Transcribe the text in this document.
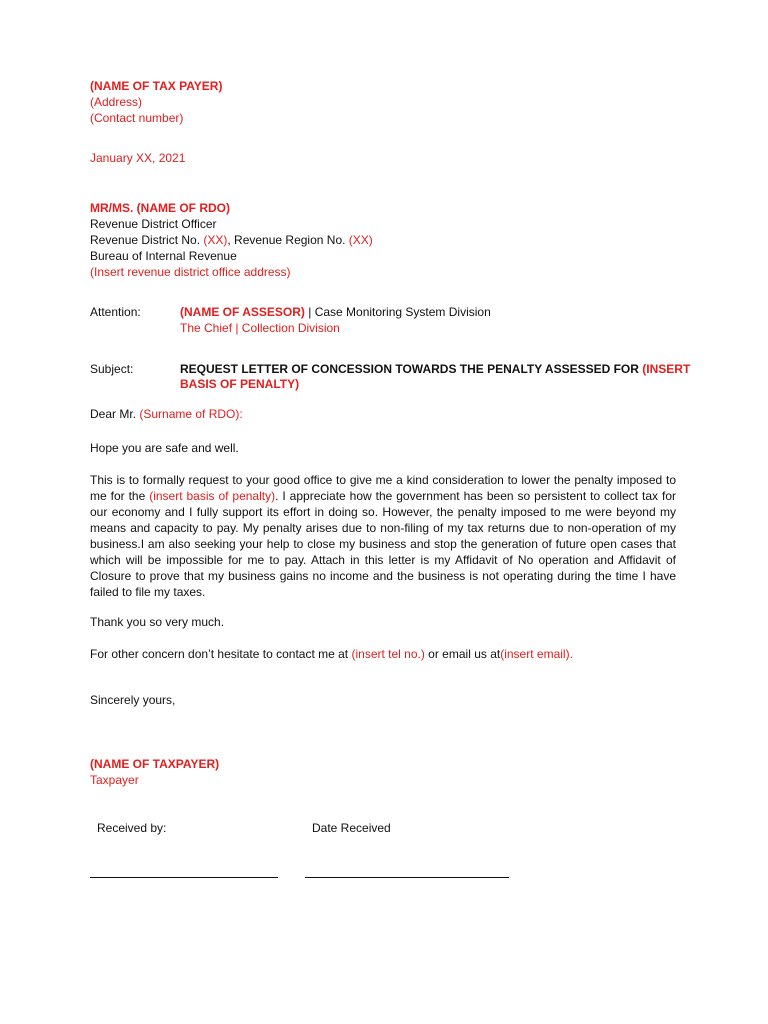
(NAME OF TAX PAYER)
(Address)
(Contact number)
January XX, 2021
MR/MS. (NAME OF RDO)
Revenue District Officer
Revenue District No. (XX), Revenue Region No. (XX)
Bureau of Internal Revenue
(Insert revenue district office address)
Attention:	(NAME OF ASSESOR) | Case Monitoring System Division
The Chief | Collection Division
Subject:	REQUEST LETTER OF CONCESSION TOWARDS THE PENALTY ASSESSED FOR (INSERT
BASIS OF PENALTY)
Dear Mr. (Surname of RDO):
Hope you are safe and well.
This is to formally request to your good office to give me a kind consideration to lower the penalty imposed to me for the (insert basis of penalty). I appreciate how the government has been so persistent to collect tax for our economy and I fully support its effort in doing so. However, the penalty imposed to me were beyond my means and capacity to pay. My penalty arises due to non-filing of my tax returns due to non-operation of my business.I am also seeking your help to close my business and stop the generation of future open cases that which will be impossible for me to pay. Attach in this letter is my Affidavit of No operation and Affidavit of Closure to prove that my business gains no income and the business is not operating during the time I have failed to file my taxes.
Thank you so very much.
For other concern don’t hesitate to contact me at (insert tel no.) or email us at(insert email).
Sincerely yours,
(NAME OF TAXPAYER)
Taxpayer
Received by:	Date Received
